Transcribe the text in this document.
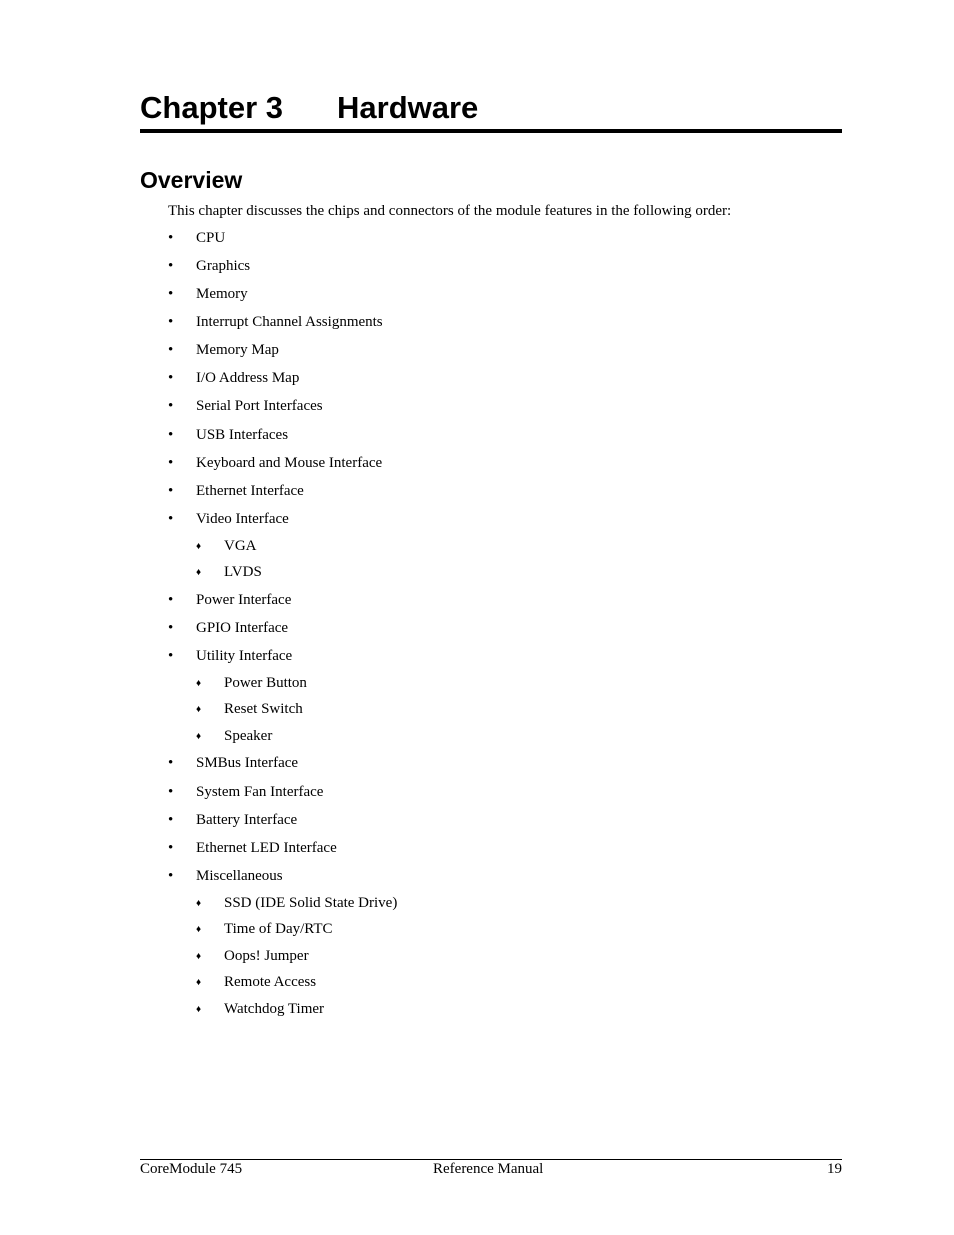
Chapter 3 Hardware
Overview
This chapter discusses the chips and connectors of the module features in the following order:
• CPU
• Graphics
• Memory
• Interrupt Channel Assignments
• Memory Map
• I/O Address Map
• Serial Port Interfaces
• USB Interfaces
• Keyboard and Mouse Interface
• Ethernet Interface
• Video Interface
♦ VGA
♦ LVDS
• Power Interface
• GPIO Interface
• Utility Interface
♦ Power Button
♦ Reset Switch
♦ Speaker
• SMBus Interface
• System Fan Interface
• Battery Interface
• Ethernet LED Interface
• Miscellaneous
♦ SSD (IDE Solid State Drive)
♦ Time of Day/RTC
♦ Oops! Jumper
♦ Remote Access
♦ Watchdog Timer
CoreModule 745	Reference Manual	19
